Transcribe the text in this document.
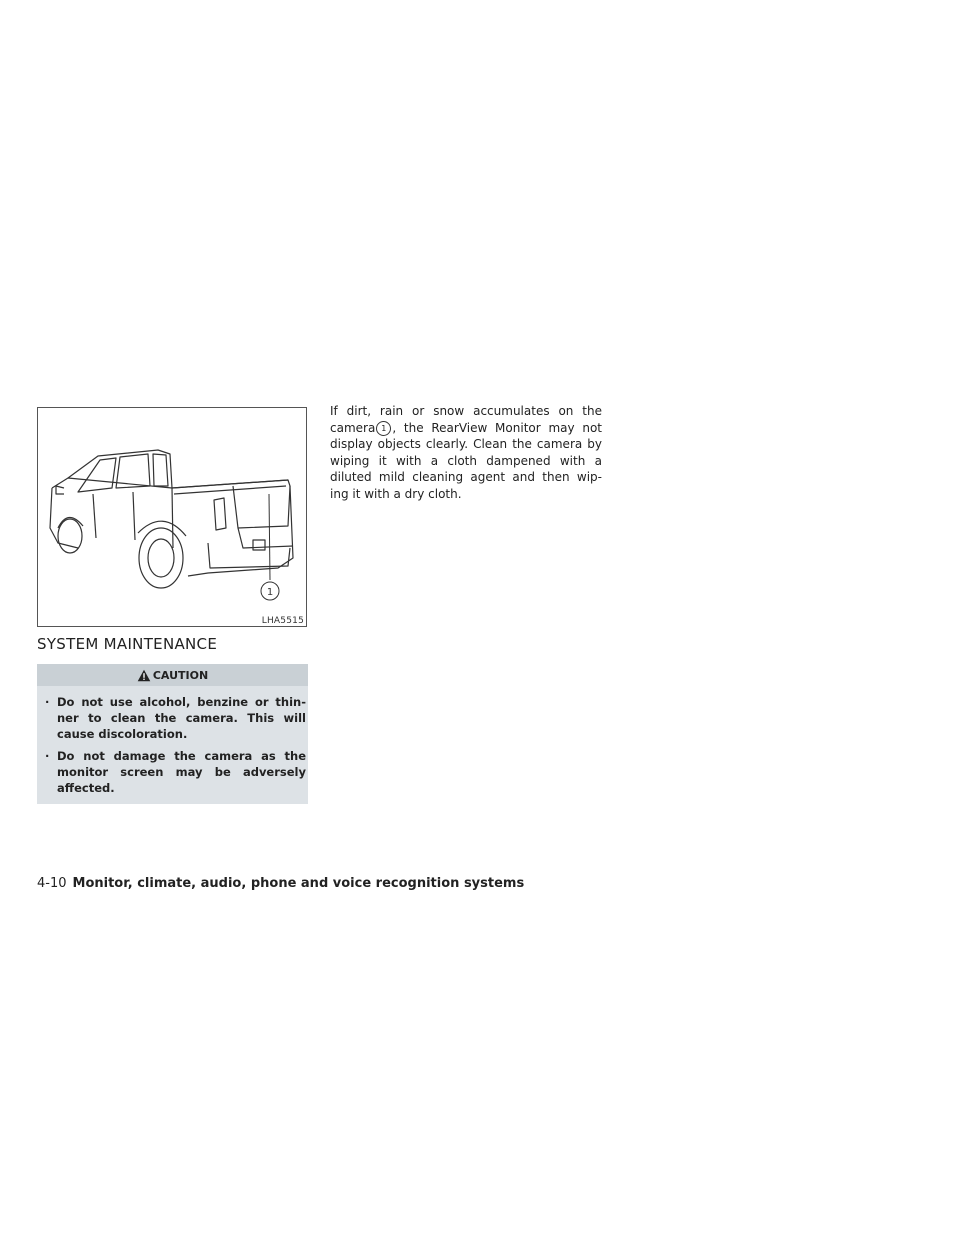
1
LHA5515
SYSTEM MAINTENANCE
CAUTION
· Do not use alcohol, benzine or thin- ner to clean the camera. This will cause discoloration.
· Do not damage the camera as the monitor screen may be adversely affected.

If dirt, rain or snow accumulates on the camera 1 , the RearView Monitor may not display objects clearly. Clean the camera by wiping it with a cloth dampened with a diluted mild cleaning agent and then wip- ing it with a dry cloth.

4-10 Monitor, climate, audio, phone and voice recognition systems
